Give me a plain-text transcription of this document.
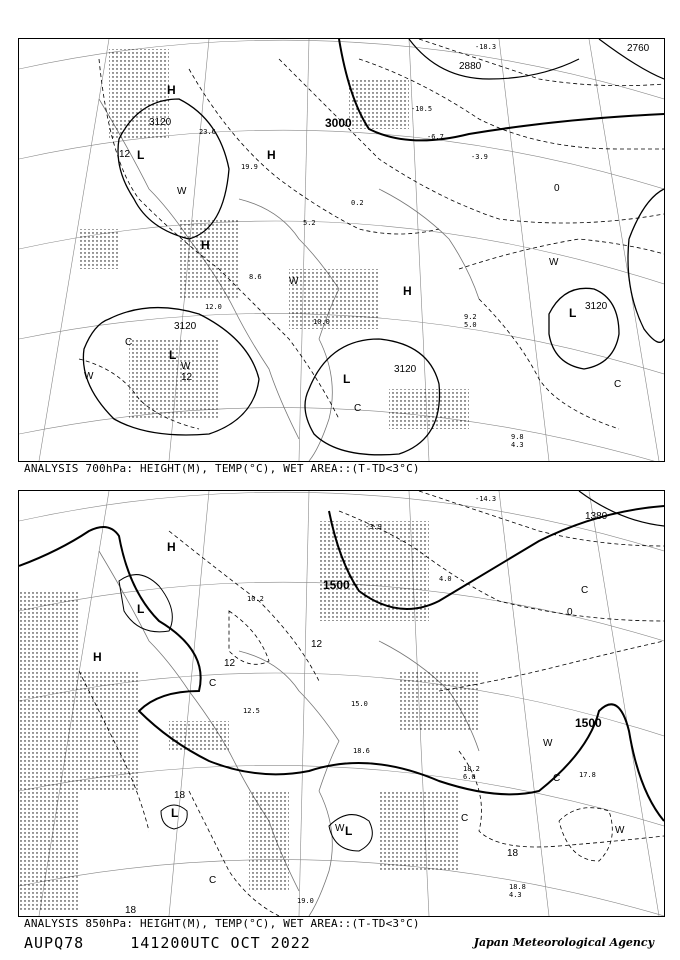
2760
2880
3000
3120
3120
3120
3120
12
12
0
H
H
H
H
L
L
L
L
W
W
W
W
W
C
C
C
-18.3
-10.5
-6.7
-3.9
0.2
5.2
8.6
10.0
12.0
19.9
23.6
9.2
5.0
9.8
4.3
ANALYSIS 700hPa: HEIGHT(M), TEMP(°C), WET AREA::(T-TD<3°C)
1380
1500
1500
12
12
18
18
18
0
H
H
L
L
L
W
W
W
C
C
C
C
C
-14.3
-3.9
4.0
10.2
12.5
15.0
18.6
18.2
6.0	17.8
19.0
18.8
4.3
ANALYSIS 850hPa: HEIGHT(M), TEMP(°C), WET AREA::(T-TD<3°C)
AUPQ78	141200UTC OCT 2022	Japan Meteorological Agency
